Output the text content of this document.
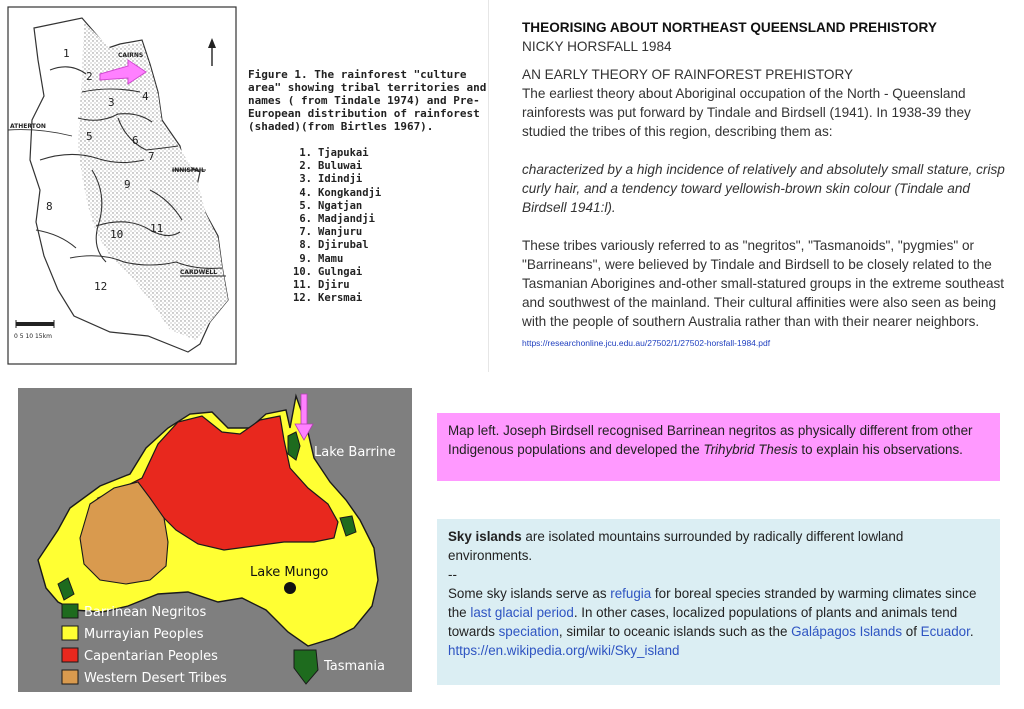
0 5 10 15km
CAIRNS
ATHERTON
INNISFAIL
CARDWELL
1
2
3 4
5	6
7
8
9
10 11
12
Figure 1. The rainforest "culture
area" showing tribal territories and
names ( from Tindale 1974) and Pre-
European distribution of rainforest
(shaded)(from Birtles 1967).
1. Tjapukai
2. Buluwai
3. Idindji
4. Kongkandji
5. Ngatjan
6. Madjandji
7. Wanjuru
8. Djirubal
9. Mamu
10. Gulngai
11. Djiru
12. Kersmai

THEORISING ABOUT NORTHEAST QUEENSLAND PREHISTORY

NICKY HORSFALL 1984

AN EARLY THEORY OF RAINFOREST PREHISTORY

The earliest theory about Aboriginal occupation of the North - Queensland rainforests was put forward by Tindale and Birdsell (1941). In 1938-39 they studied the tribes of this region, describing them as:

characterized by a high incidence of relatively and absolutely small stature, crisp curly hair, and a tendency toward yellowish-brown skin colour (Tindale and Birdsell 1941:l).

These tribes variously referred to as "negritos", "Tasmanoids", "pygmies" or "Barrineans", were believed by Tindale and Birdsell to be closely related to the Tasmanian Aborigines and-other small-statured groups in the extreme southeast and southwest of the mainland. Their cultural affinities were also seen as being with the people of southern Australia rather than with their nearer neighbors.

https://researchonline.jcu.edu.au/27502/1/27502-horsfall-1984.pdf

Lake Barrine
Lake Mungo
Tasmania
Barrinean Negritos
Murrayian Peoples
Capentarian Peoples
Western Desert Tribes
Map left. Joseph Birdsell recognised Barrinean negritos as physically different from other Indigenous populations and developed the Trihybrid Thesis to explain his observations.

Sky islands are isolated mountains surrounded by radically different lowland environments.

--

Some sky islands serve as refugia for boreal species stranded by warming climates since the last glacial period. In other cases, localized populations of plants and animals tend towards speciation, similar to oceanic islands such as the Galápagos Islands of Ecuador.

https://en.wikipedia.org/wiki/Sky_island
